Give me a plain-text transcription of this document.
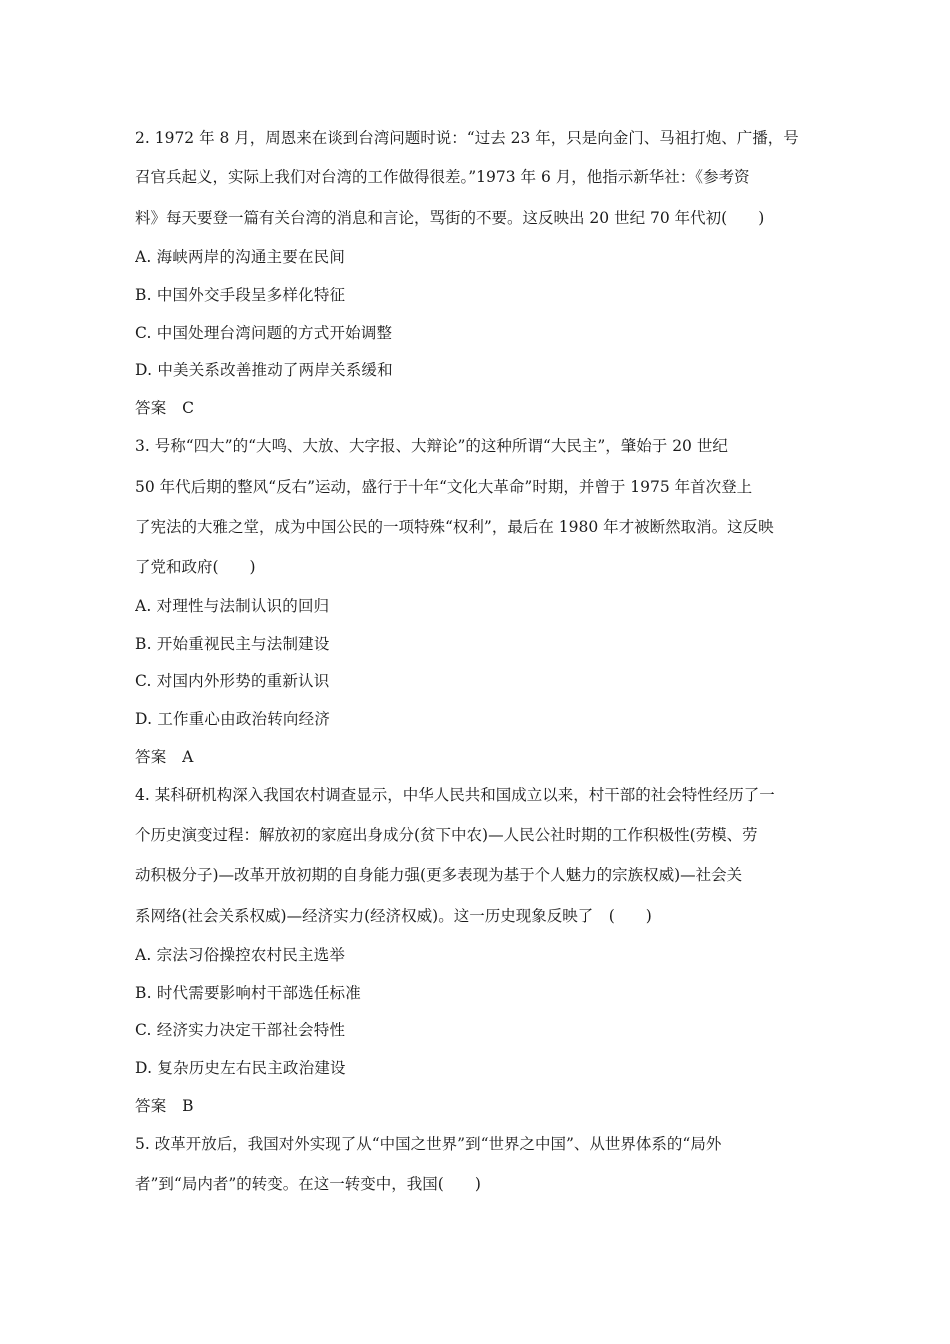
2. 1972 年 8 月，周恩来在谈到台湾问题时说：“过去 23 年，只是向金门、马祖打炮、广播，号
召官兵起义，实际上我们对台湾的工作做得很差。”1973 年 6 月，他指示新华社：《参考资
料》每天要登一篇有关台湾的消息和言论，骂街的不要。这反映出 20 世纪 70 年代初(　　)
A. 海峡两岸的沟通主要在民间
B. 中国外交手段呈多样化特征
C. 中国处理台湾问题的方式开始调整
D. 中美关系改善推动了两岸关系缓和
答案　C
3. 号称“四大”的“大鸣、大放、大字报、大辩论”的这种所谓“大民主”，肇始于 20 世纪
50 年代后期的整风“反右”运动，盛行于十年“文化大革命”时期，并曾于 1975 年首次登上
了宪法的大雅之堂，成为中国公民的一项特殊“权利”，最后在 1980 年才被断然取消。这反映
了党和政府(　　)
A. 对理性与法制认识的回归
B. 开始重视民主与法制建设
C. 对国内外形势的重新认识
D. 工作重心由政治转向经济
答案　A
4. 某科研机构深入我国农村调查显示，中华人民共和国成立以来，村干部的社会特性经历了一
个历史演变过程：解放初的家庭出身成分(贫下中农)—人民公社时期的工作积极性(劳模、劳
动积极分子)—改革开放初期的自身能力强(更多表现为基于个人魅力的宗族权威)—社会关
系网络(社会关系权威)—经济实力(经济权威)。这一历史现象反映了　(　　)
A. 宗法习俗操控农村民主选举
B. 时代需要影响村干部选任标准
C. 经济实力决定干部社会特性
D. 复杂历史左右民主政治建设
答案　B
5. 改革开放后，我国对外实现了从“中国之世界”到“世界之中国”、从世界体系的“局外
者”到“局内者”的转变。在这一转变中，我国(　　)
